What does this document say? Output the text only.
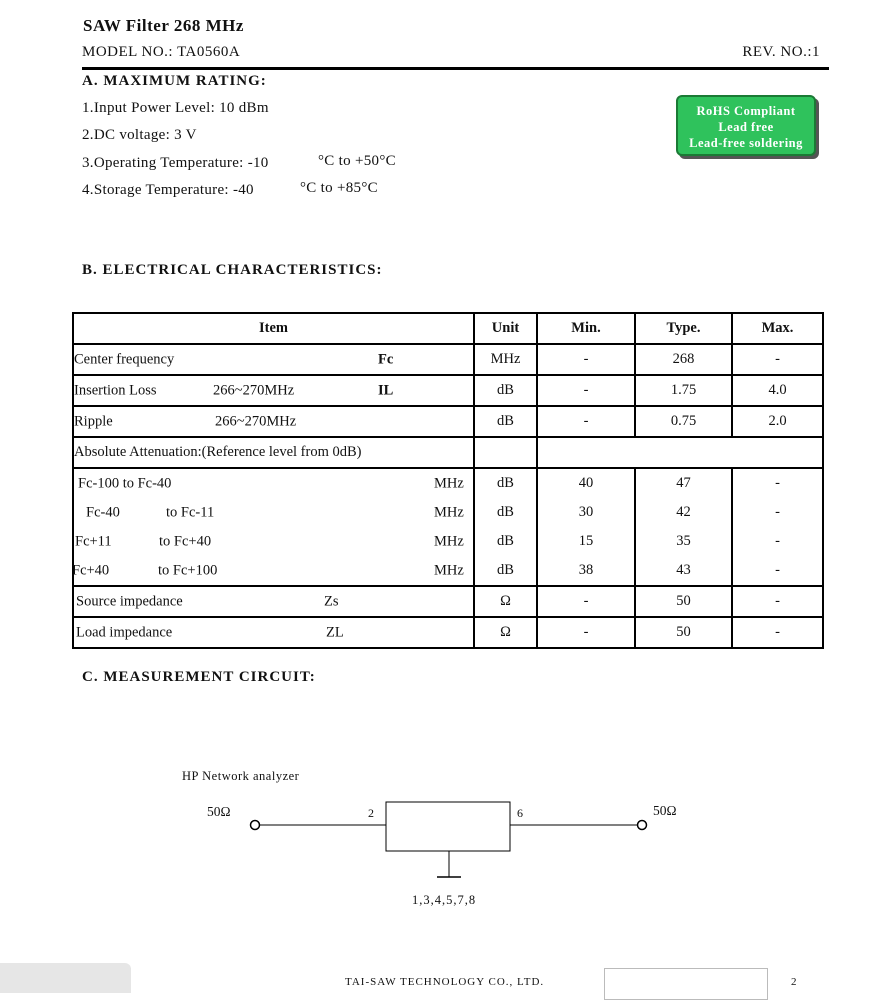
SAW Filter 268 MHz
MODEL NO.: TA0560A	REV. NO.:1
A. MAXIMUM RATING:
1.Input Power Level: 10 dBm
2.DC voltage: 3 V
3.Operating Temperature: -10	°C to +50°C
4.Storage Temperature: -40	°C to +85°C
RoHS Compliant
Lead free
Lead-free soldering
B. ELECTRICAL CHARACTERISTICS:
Item	Unit	Min.	Type.	Max.

Center frequency Fc	MHz	-	268	-

Insertion Loss 266~270MHz IL	dB	-	1.75	4.0

Ripple 266~270MHz	dB	-	0.75	2.0
Absolute Attenuation:(Reference level from 0dB)				

Fc-100 to Fc-40 MHz	dB	40	47	-

Fc-40 to Fc-11 MHz	dB	30	42	-

Fc+11 to Fc+40 MHz	dB	15	35	-

Fc+40 to Fc+100 MHz	dB	38	43	-

Source impedance Zs	Ω	-	50	-

Load impedance ZL	Ω	-	50	-
C. MEASUREMENT CIRCUIT:
HP Network analyzer
50Ω	50Ω
2	6
1,3,4,5,7,8
TAI-SAW TECHNOLOGY CO., LTD.	2
